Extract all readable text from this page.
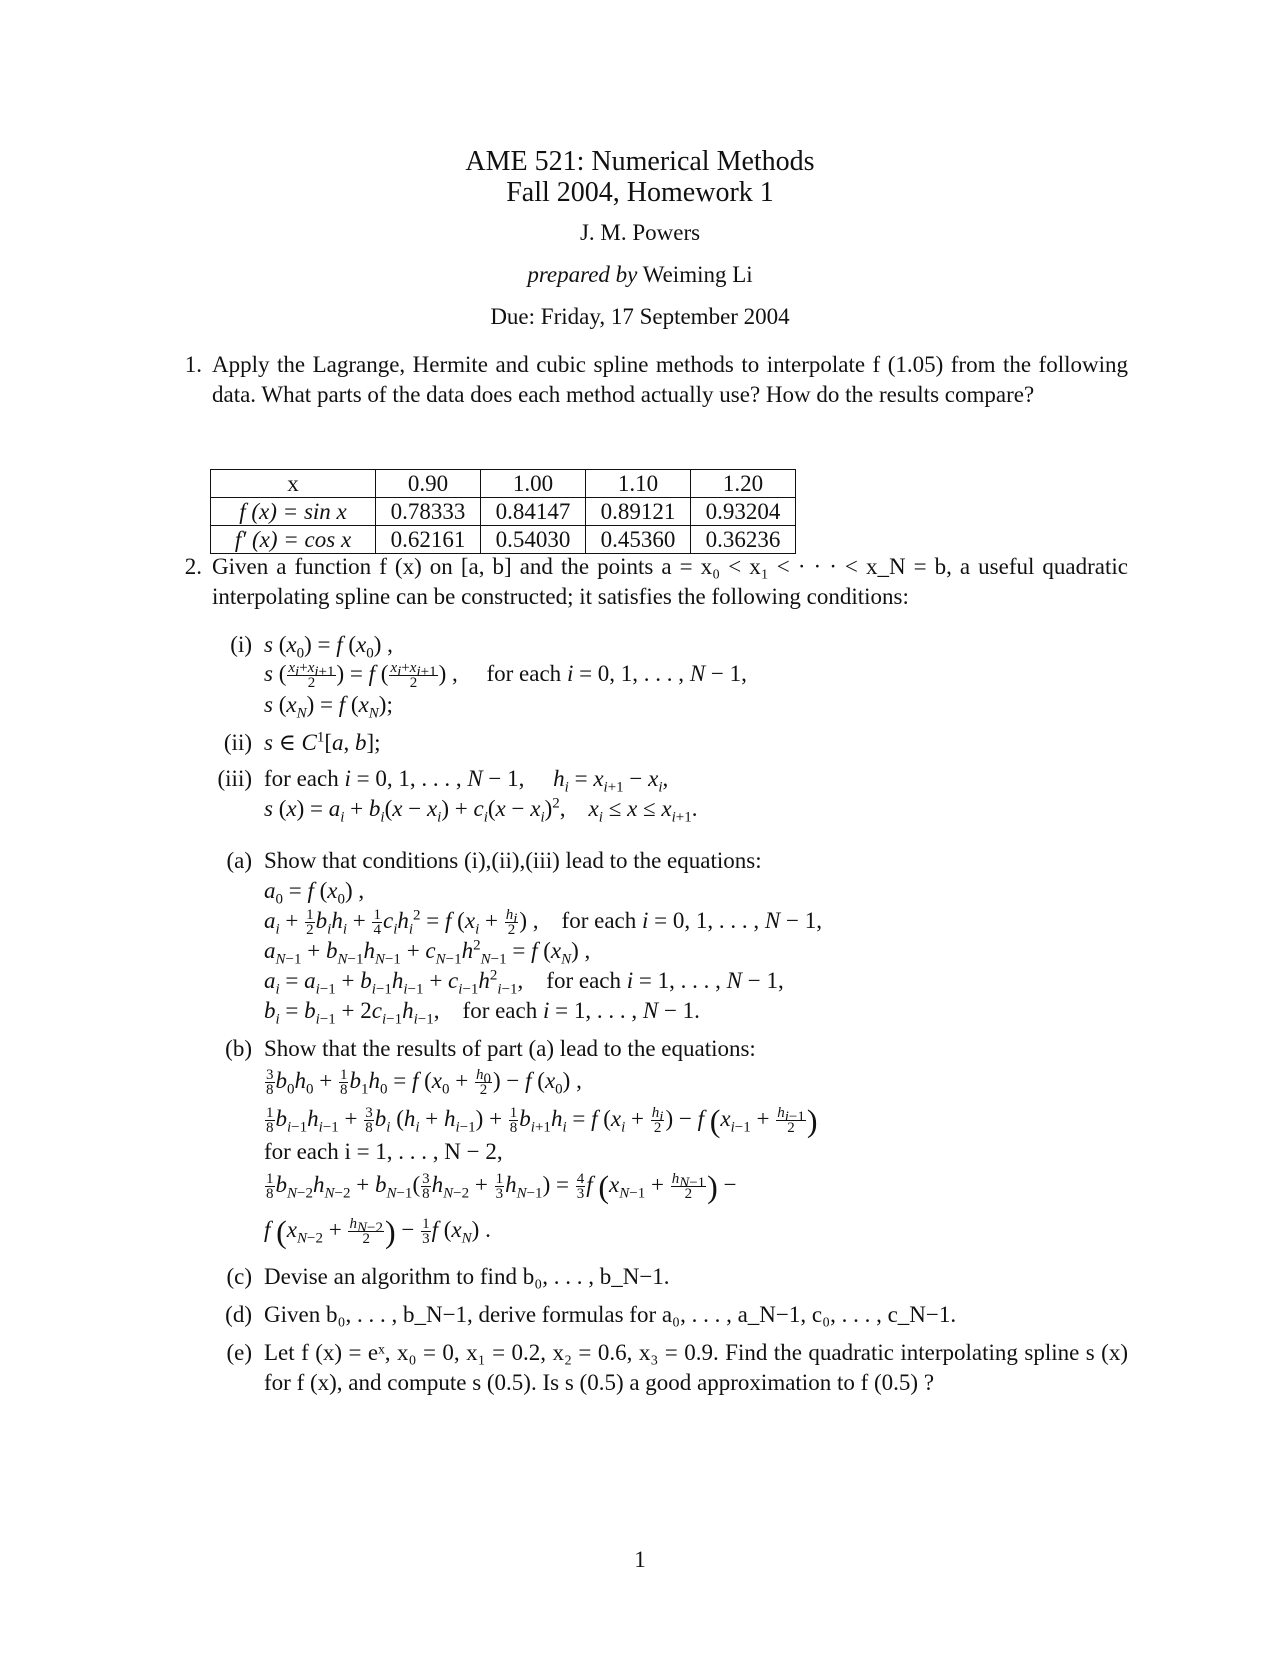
AME 521: Numerical Methods
Fall 2004, Homework 1
J. M. Powers
prepared by Weiming Li
Due: Friday, 17 September 2004
1. Apply the Lagrange, Hermite and cubic spline methods to interpolate f (1.05) from the following data. What parts of the data does each method actually use? How do the results compare?
x	0.90	1.00	1.10	1.20
f (x) = sin x	0.78333	0.84147	0.89121	0.93204
f′ (x) = cos x	0.62161	0.54030	0.45360	0.36236
2. Given a function f (x) on [a, b] and the points a = x₀ < x₁ < · · · < x_N = b, a useful quadratic interpolating spline can be constructed; it satisfies the following conditions:
(i) s $(x_0) = f$ $(x_0)$ ,
s ( $\frac{x_i+x_{i+1}}{2}$ ) = f ( $\frac{x_i+x_{i+1}}{2}$ ) ,     for each i = 0, 1, . . . , N − 1,
s $(x_N) = f$ $(x_N)$;
(ii) s ∈ $C^1[a$, b];
(iii) for each i = 0, 1, . . . , N − 1,     $h_i = x_{i+1} - x_i$,
s $(x) = a_i + b_i(x - x_i) + c_i(x - x_i)^2$,    $x_i \le x \le x_{i+1}$.
(a) Show that conditions (i),(ii),(iii) lead to the equations:
$a_0 = f$ $(x_0)$ ,
$a_i + \frac{1}{2} b_ih_i + \frac{1}{4} c_ih_i^2 = f$ ($x_i + \frac{h_i}{2}$ ) ,    for each i = 0, 1, . . . , N − 1,
$a_{N-1} + b_{N-1}h_{N-1} + c_{N-1}h^2_{N-1} = f$ $(x_N)$ ,
$a_i = a_{i-1} + b_{i-1}h_{i-1} + c_{i-1}h^2_{i-1}$,    for each i = 1, . . . , N − 1,
$b_i = b_{i-1} + 2c_{i-1}h_{i-1}$,    for each i = 1, . . . , N − 1.
(b) Show that the results of part (a) lead to the equations:
$\frac{3}{8} b_0h_0 + \frac{1}{8} b_1h_0 = f$ ($x_0 + \frac{h_0}{2}$ ) − f $(x_0)$ ,
$\frac{1}{8} b_{i-1}h_{i-1} + \frac{3}{8} b_i$ $(h_i + h_{i-1}) + \frac{1}{8} b_{i+1}h_i = f$ ($x_i + \frac{h_i}{2}$ ) − f ($x_{i-1} + \frac{h_{i-1}}{2}$ )
for each i = 1, . . . , N − 2,
$\frac{1}{8} b_{N-2}h_{N-2} + b_{N-1}( \frac{3}{8} h_{N-2} + \frac{1}{3} h_{N-1}) = \frac{4}{3}$ f ($x_{N-1} + \frac{h_{N-1}}{2}$ ) −
f ($x_{N-2} + \frac{h_{N-2}}{2}$ ) − $\frac{1}{3}$ f $(x_N)$ .
(c) Devise an algorithm to find b₀, . . . , b_N−1.
(d) Given b₀, . . . , b_N−1, derive formulas for a₀, . . . , a_N−1, c₀, . . . , c_N−1.
(e) Let f (x) = eˣ, x₀ = 0, x₁ = 0.2, x₂ = 0.6, x₃ = 0.9. Find the quadratic interpolating spline s (x) for f (x), and compute s (0.5). Is s (0.5) a good approximation to f (0.5) ?
1
